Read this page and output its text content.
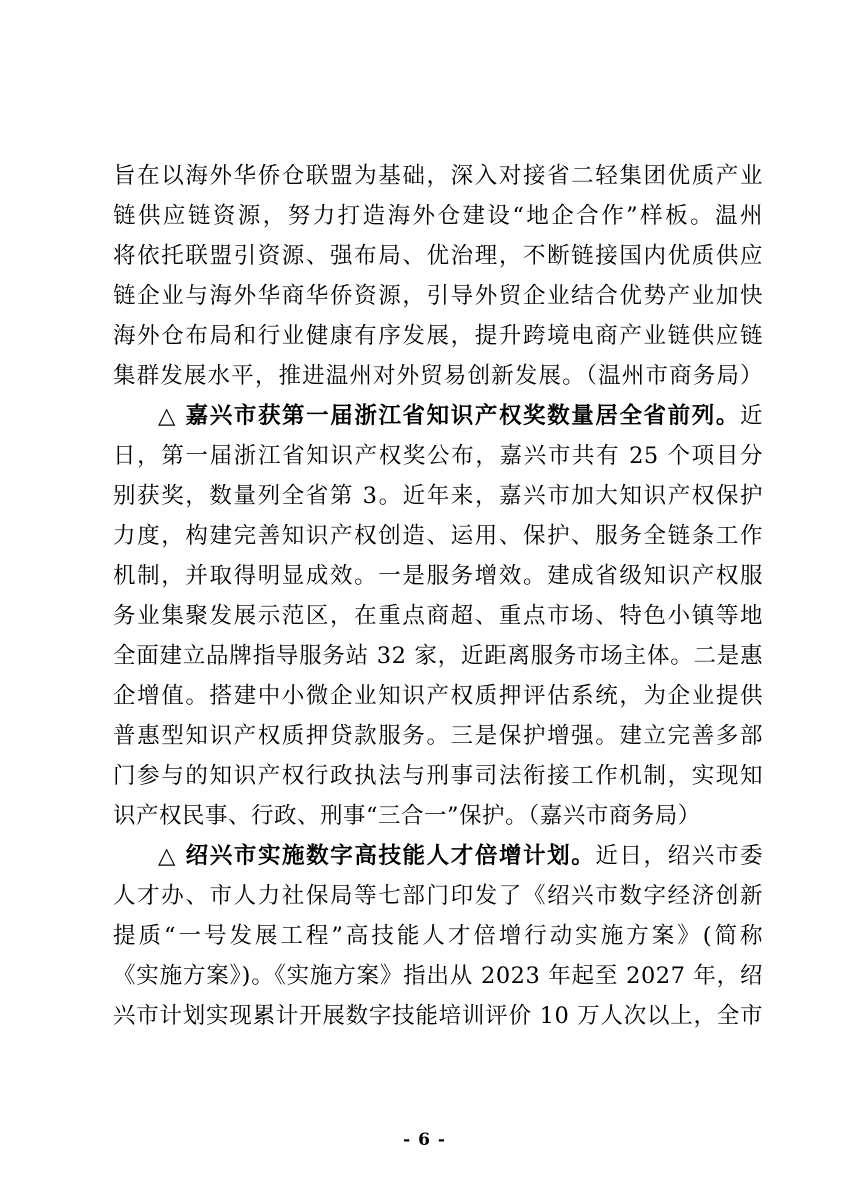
旨在以海外华侨仓联盟为基础，深入对接省二轻集团优质产业
链供应链资源，努力打造海外仓建设“地企合作”样板。温州
将依托联盟引资源、强布局、优治理，不断链接国内优质供应
链企业与海外华商华侨资源，引导外贸企业结合优势产业加快
海外仓布局和行业健康有序发展，提升跨境电商产业链供应链
集群发展水平，推进温州对外贸易创新发展。（温州市商务局）
△ 嘉兴市获第一届浙江省知识产权奖数量居全省前列。近
日，第一届浙江省知识产权奖公布，嘉兴市共有 25 个项目分
别获奖，数量列全省第 3。近年来，嘉兴市加大知识产权保护
力度，构建完善知识产权创造、运用、保护、服务全链条工作
机制，并取得明显成效。一是服务增效。建成省级知识产权服
务业集聚发展示范区，在重点商超、重点市场、特色小镇等地
全面建立品牌指导服务站 32 家，近距离服务市场主体。二是惠
企增值。搭建中小微企业知识产权质押评估系统，为企业提供
普惠型知识产权质押贷款服务。三是保护增强。建立完善多部
门参与的知识产权行政执法与刑事司法衔接工作机制，实现知
识产权民事、行政、刑事“三合一”保护。（嘉兴市商务局）
△ 绍兴市实施数字高技能人才倍增计划。近日，绍兴市委
人才办、市人力社保局等七部门印发了《绍兴市数字经济创新
提质“一号发展工程”高技能人才倍增行动实施方案》(简称
《实施方案》)。《实施方案》指出从 2023 年起至 2027 年，绍
兴市计划实现累计开展数字技能培训评价 10 万人次以上，全市
- 6 -
